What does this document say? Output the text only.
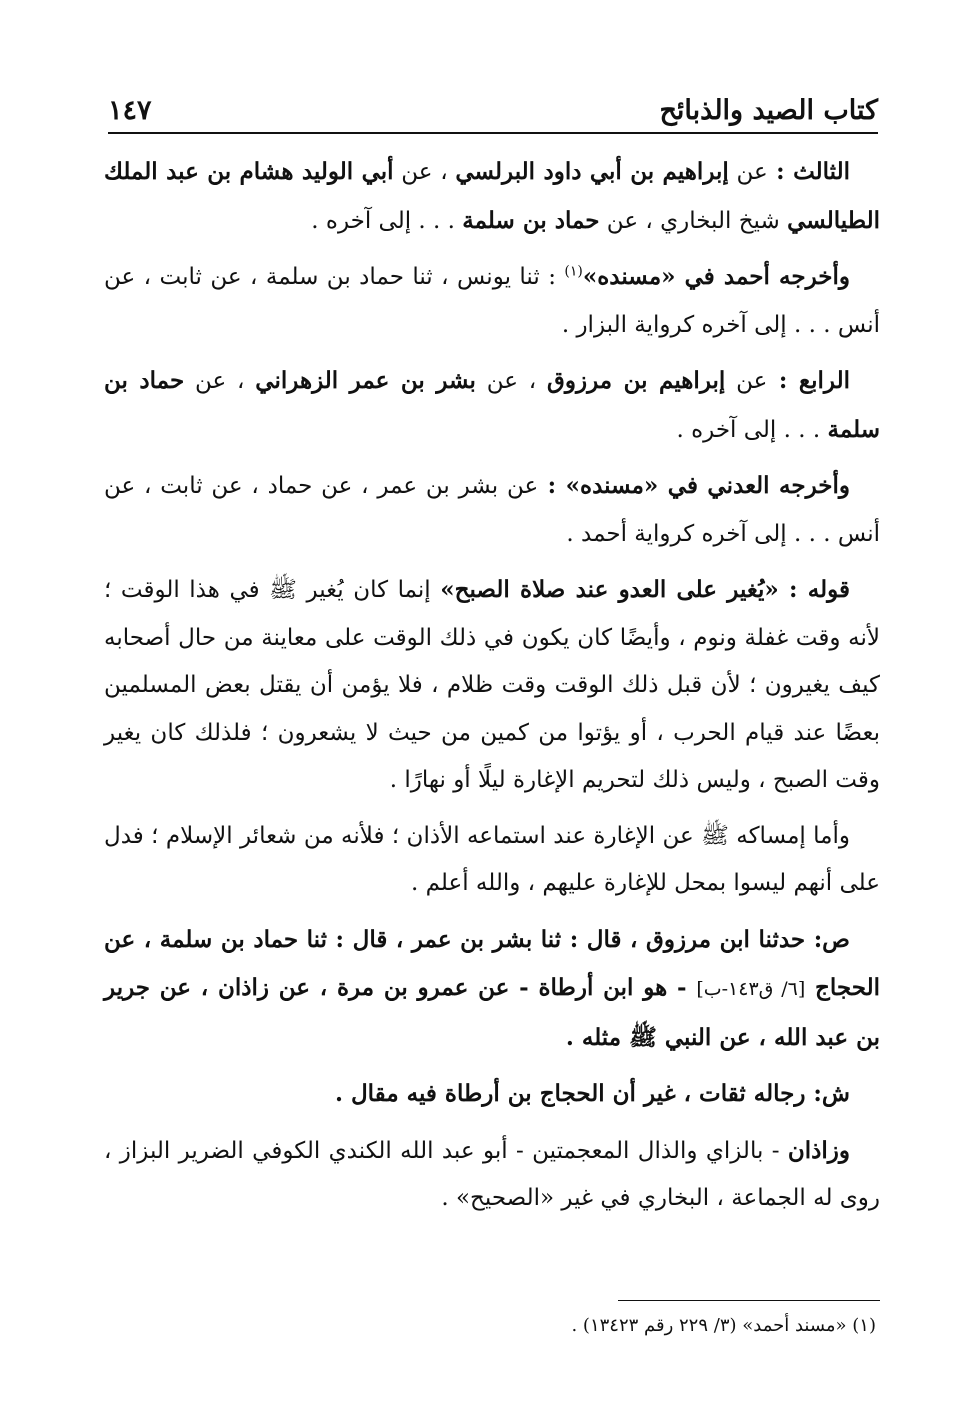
كتاب الصيد والذبائح
١٤٧

الثالث : عن إبراهيم بن أبي داود البرلسي ، عن أبي الوليد هشام بن عبد الملك الطيالسي شيخ البخاري ، عن حماد بن سلمة . . . إلى آخره .

وأخرجه أحمد في «مسنده»$^{(١)}$ : ثنا يونس ، ثنا حماد بن سلمة ، عن ثابت ، عن أنس . . . إلى آخره كرواية البزار .

الرابع : عن إبراهيم بن مرزوق ، عن بشر بن عمر الزهراني ، عن حماد بن سلمة . . . إلى آخره .

وأخرجه العدني في «مسنده» : عن بشر بن عمر ، عن حماد ، عن ثابت ، عن أنس . . . إلى آخره كرواية أحمد .

قوله : «يُغير على العدو عند صلاة الصبح» إنما كان يُغير ﷺ في هذا الوقت ؛ لأنه وقت غفلة ونوم ، وأيضًا كان يكون في ذلك الوقت على معاينة من حال أصحابه كيف يغيرون ؛ لأن قبل ذلك الوقت وقت ظلام ، فلا يؤمن أن يقتل بعض المسلمين بعضًا عند قيام الحرب ، أو يؤتوا من كمين من حيث لا يشعرون ؛ فلذلك كان يغير وقت الصبح ، وليس ذلك لتحريم الإغارة ليلًا أو نهارًا .

وأما إمساكه ﷺ عن الإغارة عند استماعه الأذان ؛ فلأنه من شعائر الإسلام ؛ فدل على أنهم ليسوا بمحل للإغارة عليهم ، والله أعلم .

ص: حدثنا ابن مرزوق ، قال : ثنا بشر بن عمر ، قال : ثنا حماد بن سلمة ، عن الحجاج [٦/ ق١٤٣-ب] - هو ابن أرطاة - عن عمرو بن مرة ، عن زاذان ، عن جرير بن عبد الله ، عن النبي ﷺ مثله .

ش: رجاله ثقات ، غير أن الحجاج بن أرطاة فيه مقال .

وزاذان - بالزاي والذال المعجمتين - أبو عبد الله الكندي الكوفي الضرير البزاز ، روى له الجماعة ، البخاري في غير «الصحيح» .

(١) «مسند أحمد» (٣/ ٢٢٩ رقم ١٣٤٢٣) .
